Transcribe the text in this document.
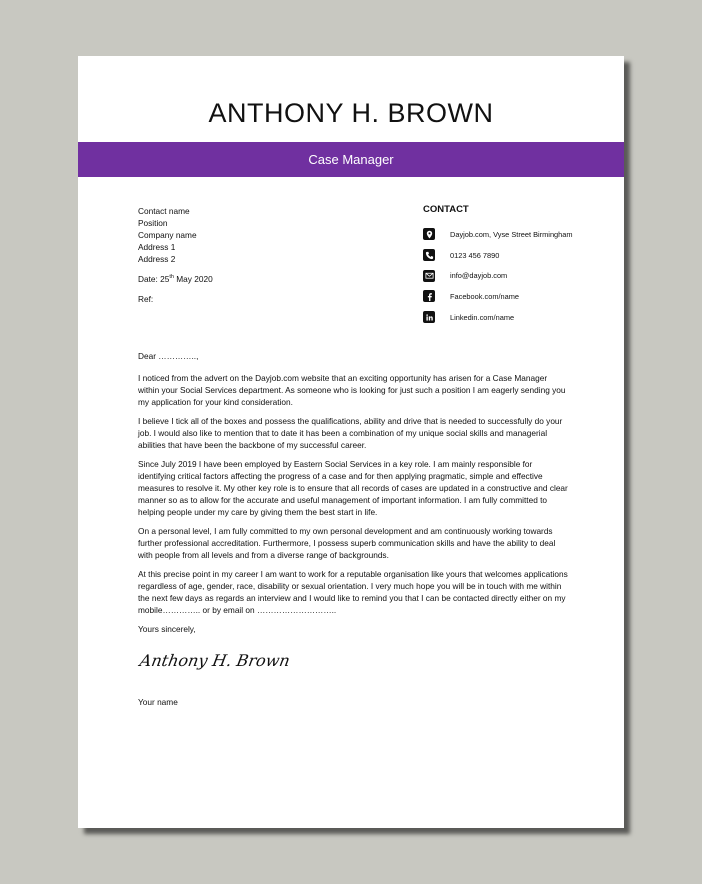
ANTHONY H. BROWN
Case Manager
Contact name
Position
Company name
Address 1
Address 2
Date: 25th May 2020
Ref:
CONTACT
Dayjob.com, Vyse Street Birmingham
0123 456 7890
info@dayjob.com
Facebook.com/name
Linkedin.com/name

Dear …………..,

I noticed from the advert on the Dayjob.com website that an exciting opportunity has arisen for a Case Manager within your Social Services department. As someone who is looking for just such a position I am eagerly sending you my application for your kind consideration.

I believe I tick all of the boxes and possess the qualifications, ability and drive that is needed to successfully do your job. I would also like to mention that to date it has been a combination of my unique social skills and managerial abilities that have been the backbone of my successful career.

Since July 2019 I have been employed by Eastern Social Services in a key role. I am mainly responsible for identifying critical factors affecting the progress of a case and for then applying pragmatic, simple and effective measures to resolve it. My other key role is to ensure that all records of cases are updated in a constructive and clear manner so as to allow for the accurate and useful management of important information. I am fully committed to helping people under my care by giving them the best start in life.

On a personal level, I am fully committed to my own personal development and am continuously working towards further professional accreditation. Furthermore, I possess superb communication skills and have the ability to deal with people from all levels and from a diverse range of backgrounds.

At this precise point in my career I am want to work for a reputable organisation like yours that welcomes applications regardless of age, gender, race, disability or sexual orientation. I very much hope you will be in touch with me within the next few days as regards an interview and I would like to remind you that I can be contacted directly either on my mobile………….. or by email on ………………………..

Yours sincerely,

Anthony H. Brown
Your name
